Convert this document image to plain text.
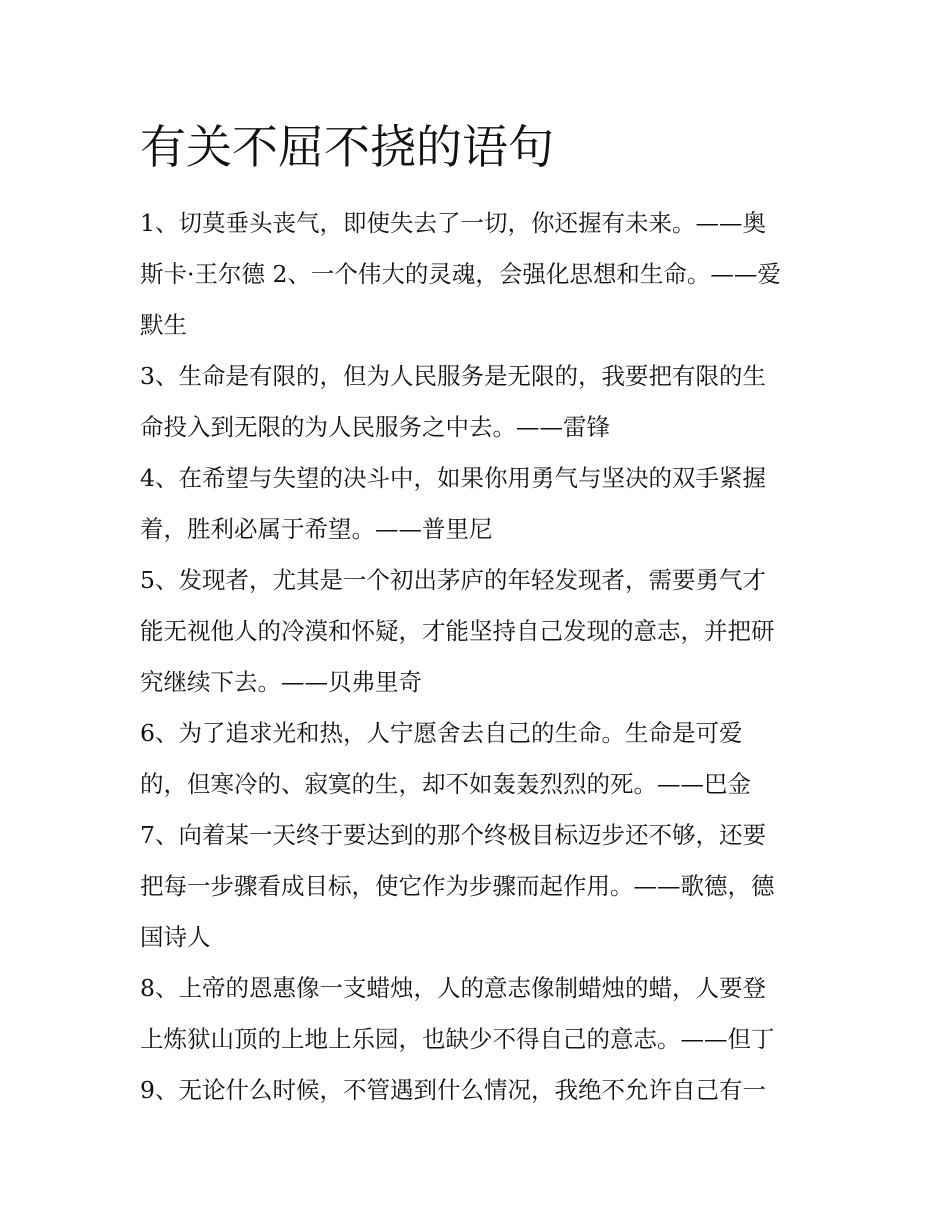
有关不屈不挠的语句
1、切莫垂头丧气，即使失去了一切，你还握有未来。——奥
斯卡·王尔德 2、一个伟大的灵魂，会强化思想和生命。——爱
默生
3、生命是有限的，但为人民服务是无限的，我要把有限的生
命投入到无限的为人民服务之中去。——雷锋
4、在希望与失望的决斗中，如果你用勇气与坚决的双手紧握
着，胜利必属于希望。——普里尼
5、发现者，尤其是一个初出茅庐的年轻发现者，需要勇气才
能无视他人的冷漠和怀疑，才能坚持自己发现的意志，并把研
究继续下去。——贝弗里奇
6、为了追求光和热，人宁愿舍去自己的生命。生命是可爱
的，但寒冷的、寂寞的生，却不如轰轰烈烈的死。——巴金
7、向着某一天终于要达到的那个终极目标迈步还不够，还要
把每一步骤看成目标，使它作为步骤而起作用。——歌德，德
国诗人
8、上帝的恩惠像一支蜡烛，人的意志像制蜡烛的蜡，人要登
上炼狱山顶的上地上乐园，也缺少不得自己的意志。——但丁
9、无论什么时候，不管遇到什么情况，我绝不允许自己有一
